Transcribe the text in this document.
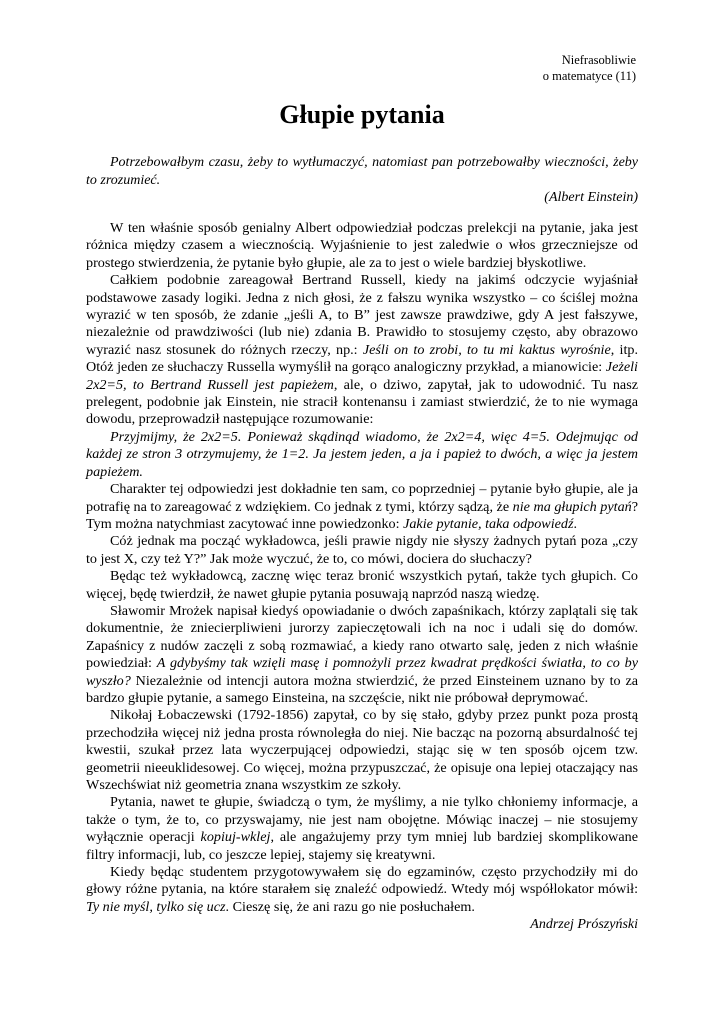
Niefrasobliwie
o matematyce (11)
Głupie pytania

Potrzebowałbym czasu, żeby to wytłumaczyć, natomiast pan potrzebowałby wieczności, żeby to zrozumieć.

(Albert Einstein)

W ten właśnie sposób genialny Albert odpowiedział podczas prelekcji na pytanie, jaka jest różnica między czasem a wiecznością. Wyjaśnienie to jest zaledwie o włos grzeczniejsze od prostego stwierdzenia, że pytanie było głupie, ale za to jest o wiele bardziej błyskotliwe.

Całkiem podobnie zareagował Bertrand Russell, kiedy na jakimś odczycie wyjaśniał podstawowe zasady logiki. Jedna z nich głosi, że z fałszu wynika wszystko – co ściślej można wyrazić w ten sposób, że zdanie „jeśli A, to B” jest zawsze prawdziwe, gdy A jest fałszywe, niezależnie od prawdziwości (lub nie) zdania B. Prawidło to stosujemy często, aby obrazowo wyrazić nasz stosunek do różnych rzeczy, np.: Jeśli on to zrobi, to tu mi kaktus wyrośnie, itp. Otóż jeden ze słuchaczy Russella wymyślił na gorąco analogiczny przykład, a mianowicie: Jeżeli 2x2=5, to Bertrand Russell jest papieżem, ale, o dziwo, zapytał, jak to udowodnić. Tu nasz prelegent, podobnie jak Einstein, nie stracił kontenansu i zamiast stwierdzić, że to nie wymaga dowodu, przeprowadził następujące rozumowanie:

Przyjmijmy, że 2x2=5. Ponieważ skądinąd wiadomo, że 2x2=4, więc 4=5. Odejmując od każdej ze stron 3 otrzymujemy, że 1=2. Ja jestem jeden, a ja i papież to dwóch, a więc ja jestem papieżem.

Charakter tej odpowiedzi jest dokładnie ten sam, co poprzedniej – pytanie było głupie, ale ja potrafię na to zareagować z wdziękiem. Co jednak z tymi, którzy sądzą, że nie ma głupich pytań? Tym można natychmiast zacytować inne powiedzonko: Jakie pytanie, taka odpowiedź.

Cóż jednak ma począć wykładowca, jeśli prawie nigdy nie słyszy żadnych pytań poza „czy to jest X, czy też Y?” Jak może wyczuć, że to, co mówi, dociera do słuchaczy?

Będąc też wykładowcą, zacznę więc teraz bronić wszystkich pytań, także tych głupich. Co więcej, będę twierdził, że nawet głupie pytania posuwają naprzód naszą wiedzę.

Sławomir Mrożek napisał kiedyś opowiadanie o dwóch zapaśnikach, którzy zaplątali się tak dokumentnie, że zniecierpliwieni jurorzy zapieczętowali ich na noc i udali się do domów. Zapaśnicy z nudów zaczęli z sobą rozmawiać, a kiedy rano otwarto salę, jeden z nich właśnie powiedział: A gdybyśmy tak wzięli masę i pomnożyli przez kwadrat prędkości światła, to co by wyszło? Niezależnie od intencji autora można stwierdzić, że przed Einsteinem uznano by to za bardzo głupie pytanie, a samego Einsteina, na szczęście, nikt nie próbował deprymować.

Nikołaj Łobaczewski (1792-1856) zapytał, co by się stało, gdyby przez punkt poza prostą przechodziła więcej niż jedna prosta równoległa do niej. Nie bacząc na pozorną absurdalność tej kwestii, szukał przez lata wyczerpującej odpowiedzi, stając się w ten sposób ojcem tzw. geometrii nieeuklidesowej. Co więcej, można przypuszczać, że opisuje ona lepiej otaczający nas Wszechświat niż geometria znana wszystkim ze szkoły.

Pytania, nawet te głupie, świadczą o tym, że myślimy, a nie tylko chłoniemy informacje, a także o tym, że to, co przyswajamy, nie jest nam obojętne. Mówiąc inaczej – nie stosujemy wyłącznie operacji kopiuj-wklej, ale angażujemy przy tym mniej lub bardziej skomplikowane filtry informacji, lub, co jeszcze lepiej, stajemy się kreatywni.

Kiedy będąc studentem przygotowywałem się do egzaminów, często przychodziły mi do głowy różne pytania, na które starałem się znaleźć odpowiedź. Wtedy mój współlokator mówił: Ty nie myśl, tylko się ucz. Cieszę się, że ani razu go nie posłuchałem.

Andrzej Prószyński
